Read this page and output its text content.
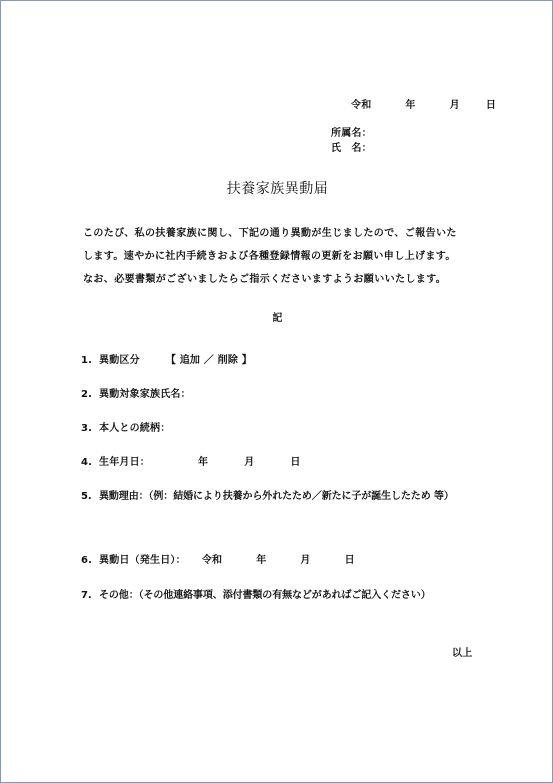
令和	年	月	日
所属名：
氏　名：
扶養家族異動届
このたび、私の扶養家族に関し、下記の通り異動が生じましたので、ご報告いた
します。速やかに社内手続きおよび各種登録情報の更新をお願い申し上げます。
なお、必要書類がございましたらご指示くださいますようお願いいたします。
記
1. 異動区分	【 追加 ／ 削除 】
2. 異動対象家族氏名：
3. 本人との続柄：
4. 生年月日：	年	月	日
5. 異動理由：（例：結婚により扶養から外れたため／新たに子が誕生したため 等）
6. 異動日（発生日）： 令和	年	月	日
7. その他：（その他連絡事項、添付書類の有無などがあればご記入ください）
以上
